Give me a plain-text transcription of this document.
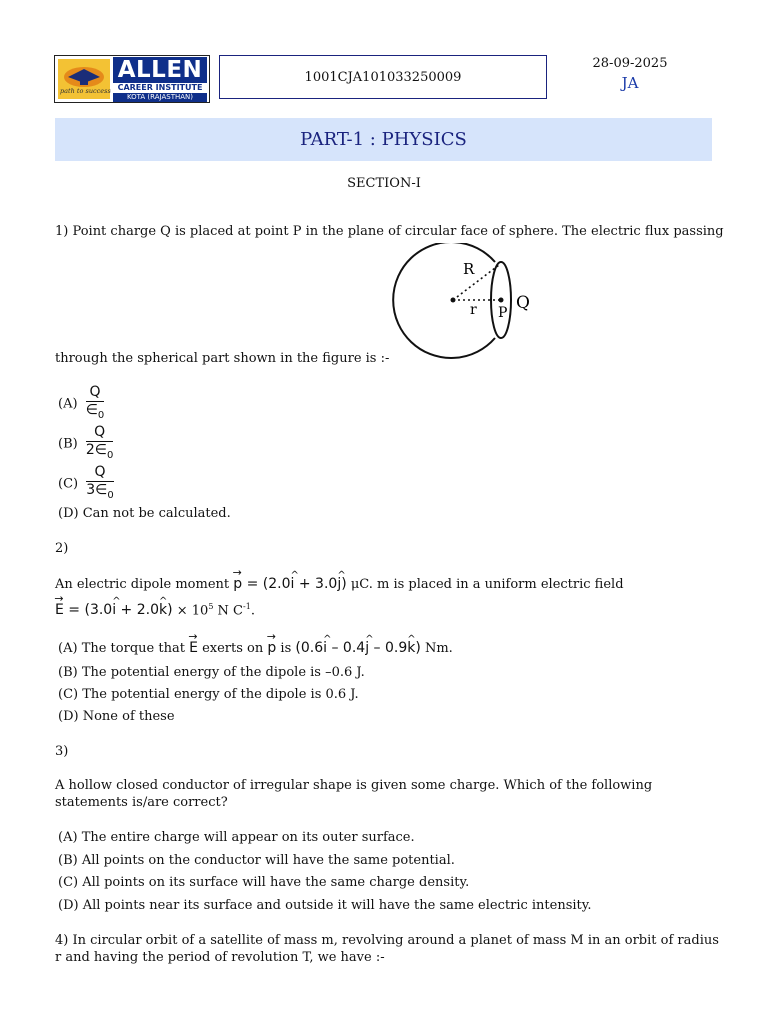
path to success
ALLEN
CAREER INSTITUTE
KOTA (RAJASTHAN)
1001CJA101033250009
28-09-2025
JA
PART-1 : PHYSICS
SECTION-I
1) Point charge Q is placed at point P in the plane of circular face of sphere. The electric flux passing
R
r P Q
through the spherical part shown in the figure is :-
$(A) \frac{Q}{\in_0}$
$(B) \frac{Q}{2\in_0}$
$(C) \frac{Q}{3\in_0}$
(D) Can not be calculated.
2)
An electric dipole moment p → = (2.0i ^ + 3.0j ^) μC. m is placed in a uniform electric field
E → = (3.0i ^ + 2.0k ^) × $10^5$ N $C^{-1}$.
(A) The torque that E → exerts on p → is (0.6i ^ – 0.4j ^ – 0.9k ^) Nm.
(B) The potential energy of the dipole is –0.6 J.
(C) The potential energy of the dipole is 0.6 J.
(D) None of these
3)
A hollow closed conductor of irregular shape is given some charge. Which of the following
statements is/are correct?
(A) The entire charge will appear on its outer surface.
(B) All points on the conductor will have the same potential.
(C) All points on its surface will have the same charge density.
(D) All points near its surface and outside it will have the same electric intensity.
4) In circular orbit of a satellite of mass m, revolving around a planet of mass M in an orbit of radius
r and having the period of revolution T, we have :-
